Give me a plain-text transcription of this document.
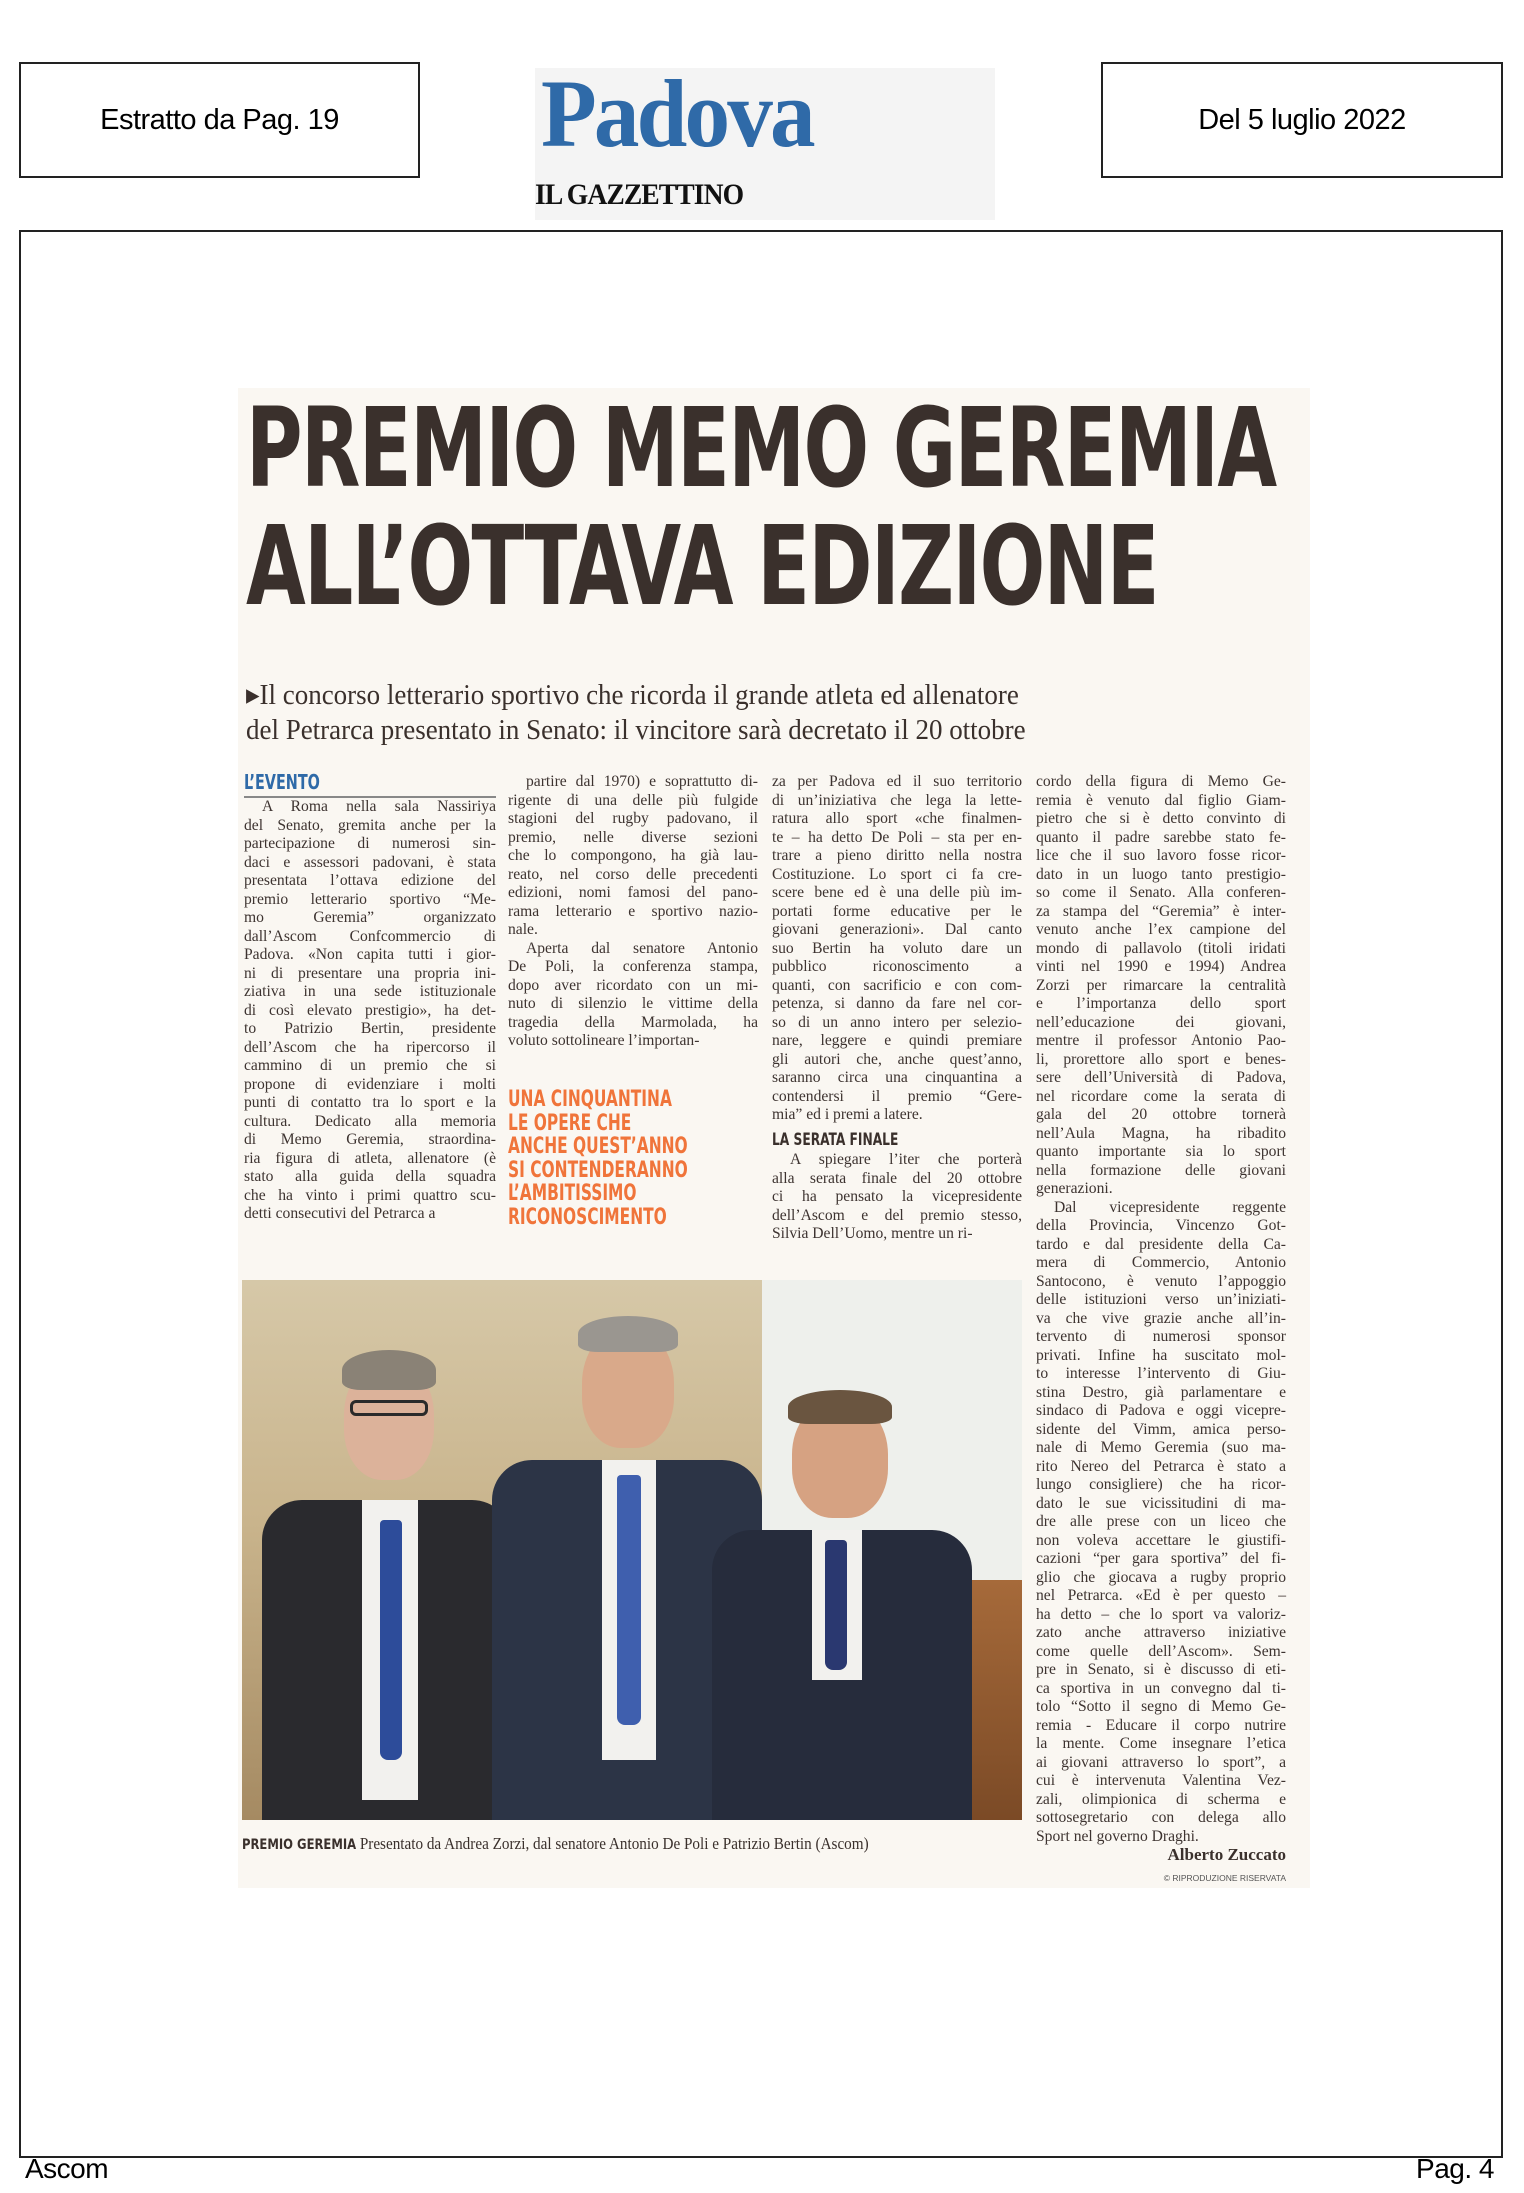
Estratto da Pag. 19 Padova
IL GAZZETTINO
Del 5 luglio 2022
PREMIO MEMO GEREMIA
ALL’OTTAVA EDIZIONE
▸Il concorso letterario sportivo che ricorda il grande atleta ed allenatore
del Petrarca presentato in Senato: il vincitore sarà decretato il 20 ottobre
L’EVENTO
A Roma nella sala Nassiriya
del Senato, gremita anche per la
partecipazione di numerosi sin-
daci e assessori padovani, è stata
presentata l’ottava edizione del
premio letterario sportivo “Me-
mo Geremia” organizzato
dall’Ascom Confcommercio di
Padova. «Non capita tutti i gior-
ni di presentare una propria ini-
ziativa in una sede istituzionale
di così elevato prestigio», ha det-
to Patrizio Bertin, presidente
dell’Ascom che ha ripercorso il
cammino di un premio che si
propone di evidenziare i molti
punti di contatto tra lo sport e la
cultura. Dedicato alla memoria
di Memo Geremia, straordina-
ria figura di atleta, allenatore (è
stato alla guida della squadra
che ha vinto i primi quattro scu-
detti consecutivi del Petrarca a
partire dal 1970) e soprattutto di-
rigente di una delle più fulgide
stagioni del rugby padovano, il
premio, nelle diverse sezioni
che lo compongono, ha già lau-
reato, nel corso delle precedenti
edizioni, nomi famosi del pano-
rama letterario e sportivo nazio-
nale.
Aperta dal senatore Antonio
De Poli, la conferenza stampa,
dopo aver ricordato con un mi-
nuto di silenzio le vittime della
tragedia della Marmolada, ha
voluto sottolineare l’importan-
UNA CINQUANTINA
LE OPERE CHE
ANCHE QUEST’ANNO
SI CONTENDERANNO
L’AMBITISSIMO
RICONOSCIMENTO
za per Padova ed il suo territorio
di un’iniziativa che lega la lette-
ratura allo sport «che finalmen-
te – ha detto De Poli – sta per en-
trare a pieno diritto nella nostra
Costituzione. Lo sport ci fa cre-
scere bene ed è una delle più im-
portati forme educative per le
giovani generazioni». Dal canto
suo Bertin ha voluto dare un
pubblico riconoscimento a
quanti, con sacrificio e con com-
petenza, si danno da fare nel cor-
so di un anno intero per selezio-
nare, leggere e quindi premiare
gli autori che, anche quest’anno,
saranno circa una cinquantina a
contendersi il premio “Gere-
mia” ed i premi a latere.
LA SERATA FINALE
A spiegare l’iter che porterà
alla serata finale del 20 ottobre
ci ha pensato la vicepresidente
dell’Ascom e del premio stesso,
Silvia Dell’Uomo, mentre un ri-
cordo della figura di Memo Ge-
remia è venuto dal figlio Giam-
pietro che si è detto convinto di
quanto il padre sarebbe stato fe-
lice che il suo lavoro fosse ricor-
dato in un luogo tanto prestigio-
so come il Senato. Alla conferen-
za stampa del “Geremia” è inter-
venuto anche l’ex campione del
mondo di pallavolo (titoli iridati
vinti nel 1990 e 1994) Andrea
Zorzi per rimarcare la centralità
e l’importanza dello sport
nell’educazione dei giovani,
mentre il professor Antonio Pao-
li, prorettore allo sport e benes-
sere dell’Università di Padova,
nel ricordare come la serata di
gala del 20 ottobre tornerà
nell’Aula Magna, ha ribadito
quanto importante sia lo sport
nella formazione delle giovani
generazioni.
Dal vicepresidente reggente
della Provincia, Vincenzo Got-
tardo e dal presidente della Ca-
mera di Commercio, Antonio
Santocono, è venuto l’appoggio
delle istituzioni verso un’iniziati-
va che vive grazie anche all’in-
tervento di numerosi sponsor
privati. Infine ha suscitato mol-
to interesse l’intervento di Giu-
stina Destro, già parlamentare e
sindaco di Padova e oggi vicepre-
sidente del Vimm, amica perso-
nale di Memo Geremia (suo ma-
rito Nereo del Petrarca è stato a
lungo consigliere) che ha ricor-
dato le sue vicissitudini di ma-
dre alle prese con un liceo che
non voleva accettare le giustifi-
cazioni “per gara sportiva” del fi-
glio che giocava a rugby proprio
nel Petrarca. «Ed è per questo –
ha detto – che lo sport va valoriz-
zato anche attraverso iniziative
come quelle dell’Ascom». Sem-
pre in Senato, si è discusso di eti-
ca sportiva in un convegno dal ti-
tolo “Sotto il segno di Memo Ge-
remia - Educare il corpo nutrire
la mente. Come insegnare l’etica
ai giovani attraverso lo sport”, a
cui è intervenuta Valentina Vez-
zali, olimpionica di scherma e
sottosegretario con delega allo
Sport nel governo Draghi.
Alberto Zuccato
© RIPRODUZIONE RISERVATA
PREMIO GEREMIA Presentato da Andrea Zorzi, dal senatore Antonio De Poli e Patrizio Bertin (Ascom)
Ascom	Pag. 4
